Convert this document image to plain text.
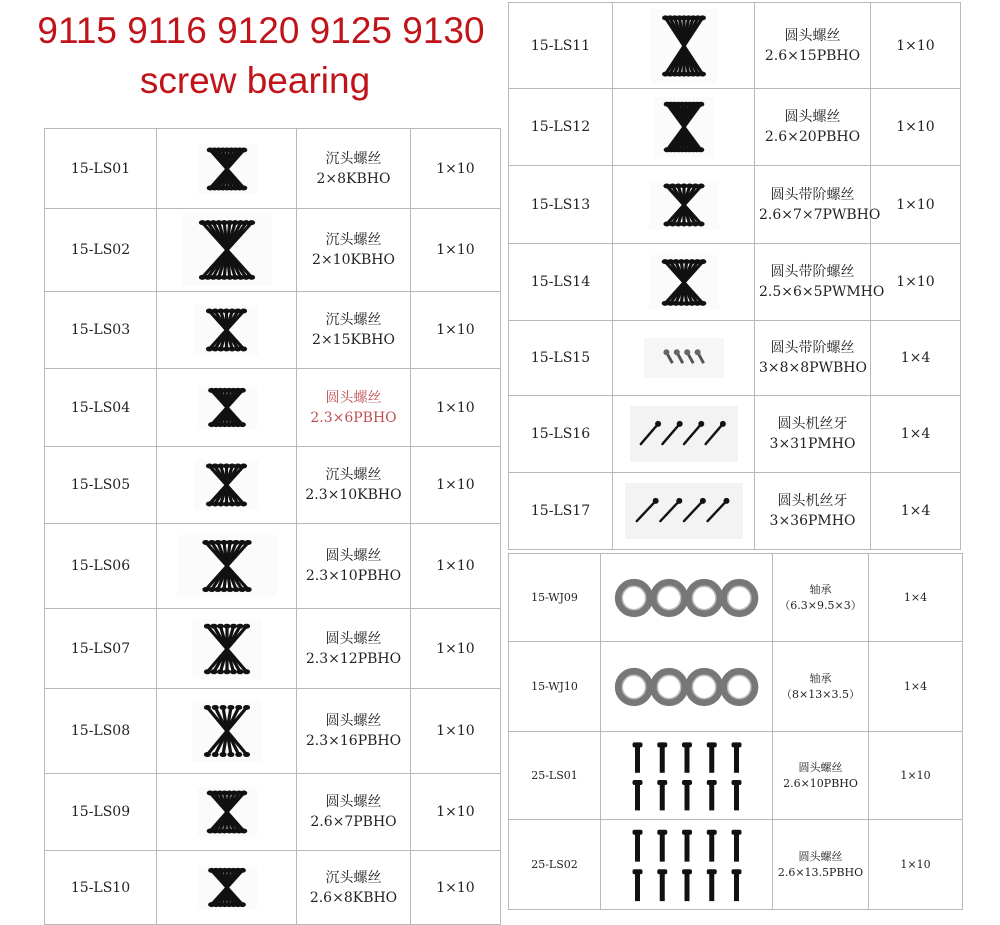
9115 9116 9120 9125 9130
screw bearing
15-LS01		沉头螺丝2×8KBHO	1×10
15-LS02		沉头螺丝2×10KBHO	1×10
15-LS03		沉头螺丝2×15KBHO	1×10
15-LS04		圆头螺丝2.3×6PBHO	1×10
15-LS05		沉头螺丝2.3×10KBHO	1×10
15-LS06		圆头螺丝2.3×10PBHO	1×10
15-LS07		圆头螺丝2.3×12PBHO	1×10
15-LS08		圆头螺丝2.3×16PBHO	1×10
15-LS09		圆头螺丝2.6×7PBHO	1×10
15-LS10		沉头螺丝2.6×8KBHO	1×10
15-LS11		圆头螺丝2.6×15PBHO	1×10
15-LS12		圆头螺丝2.6×20PBHO	1×10
15-LS13		圆头带阶螺丝2.6×7×7PWBHO	1×10
15-LS14		圆头带阶螺丝2.5×6×5PWMHO	1×10
15-LS15		圆头带阶螺丝3×8×8PWBHO	1×4
15-LS16		圆头机丝牙3×31PMHO	1×4
15-LS17		圆头机丝牙3×36PMHO	1×4
15-WJ09		轴承（6.3×9.5×3）	1×4
15-WJ10		轴承（8×13×3.5）	1×4
25-LS01		圆头螺丝2.6×10PBHO	1×10
25-LS02		圆头螺丝2.6×13.5PBHO	1×10
